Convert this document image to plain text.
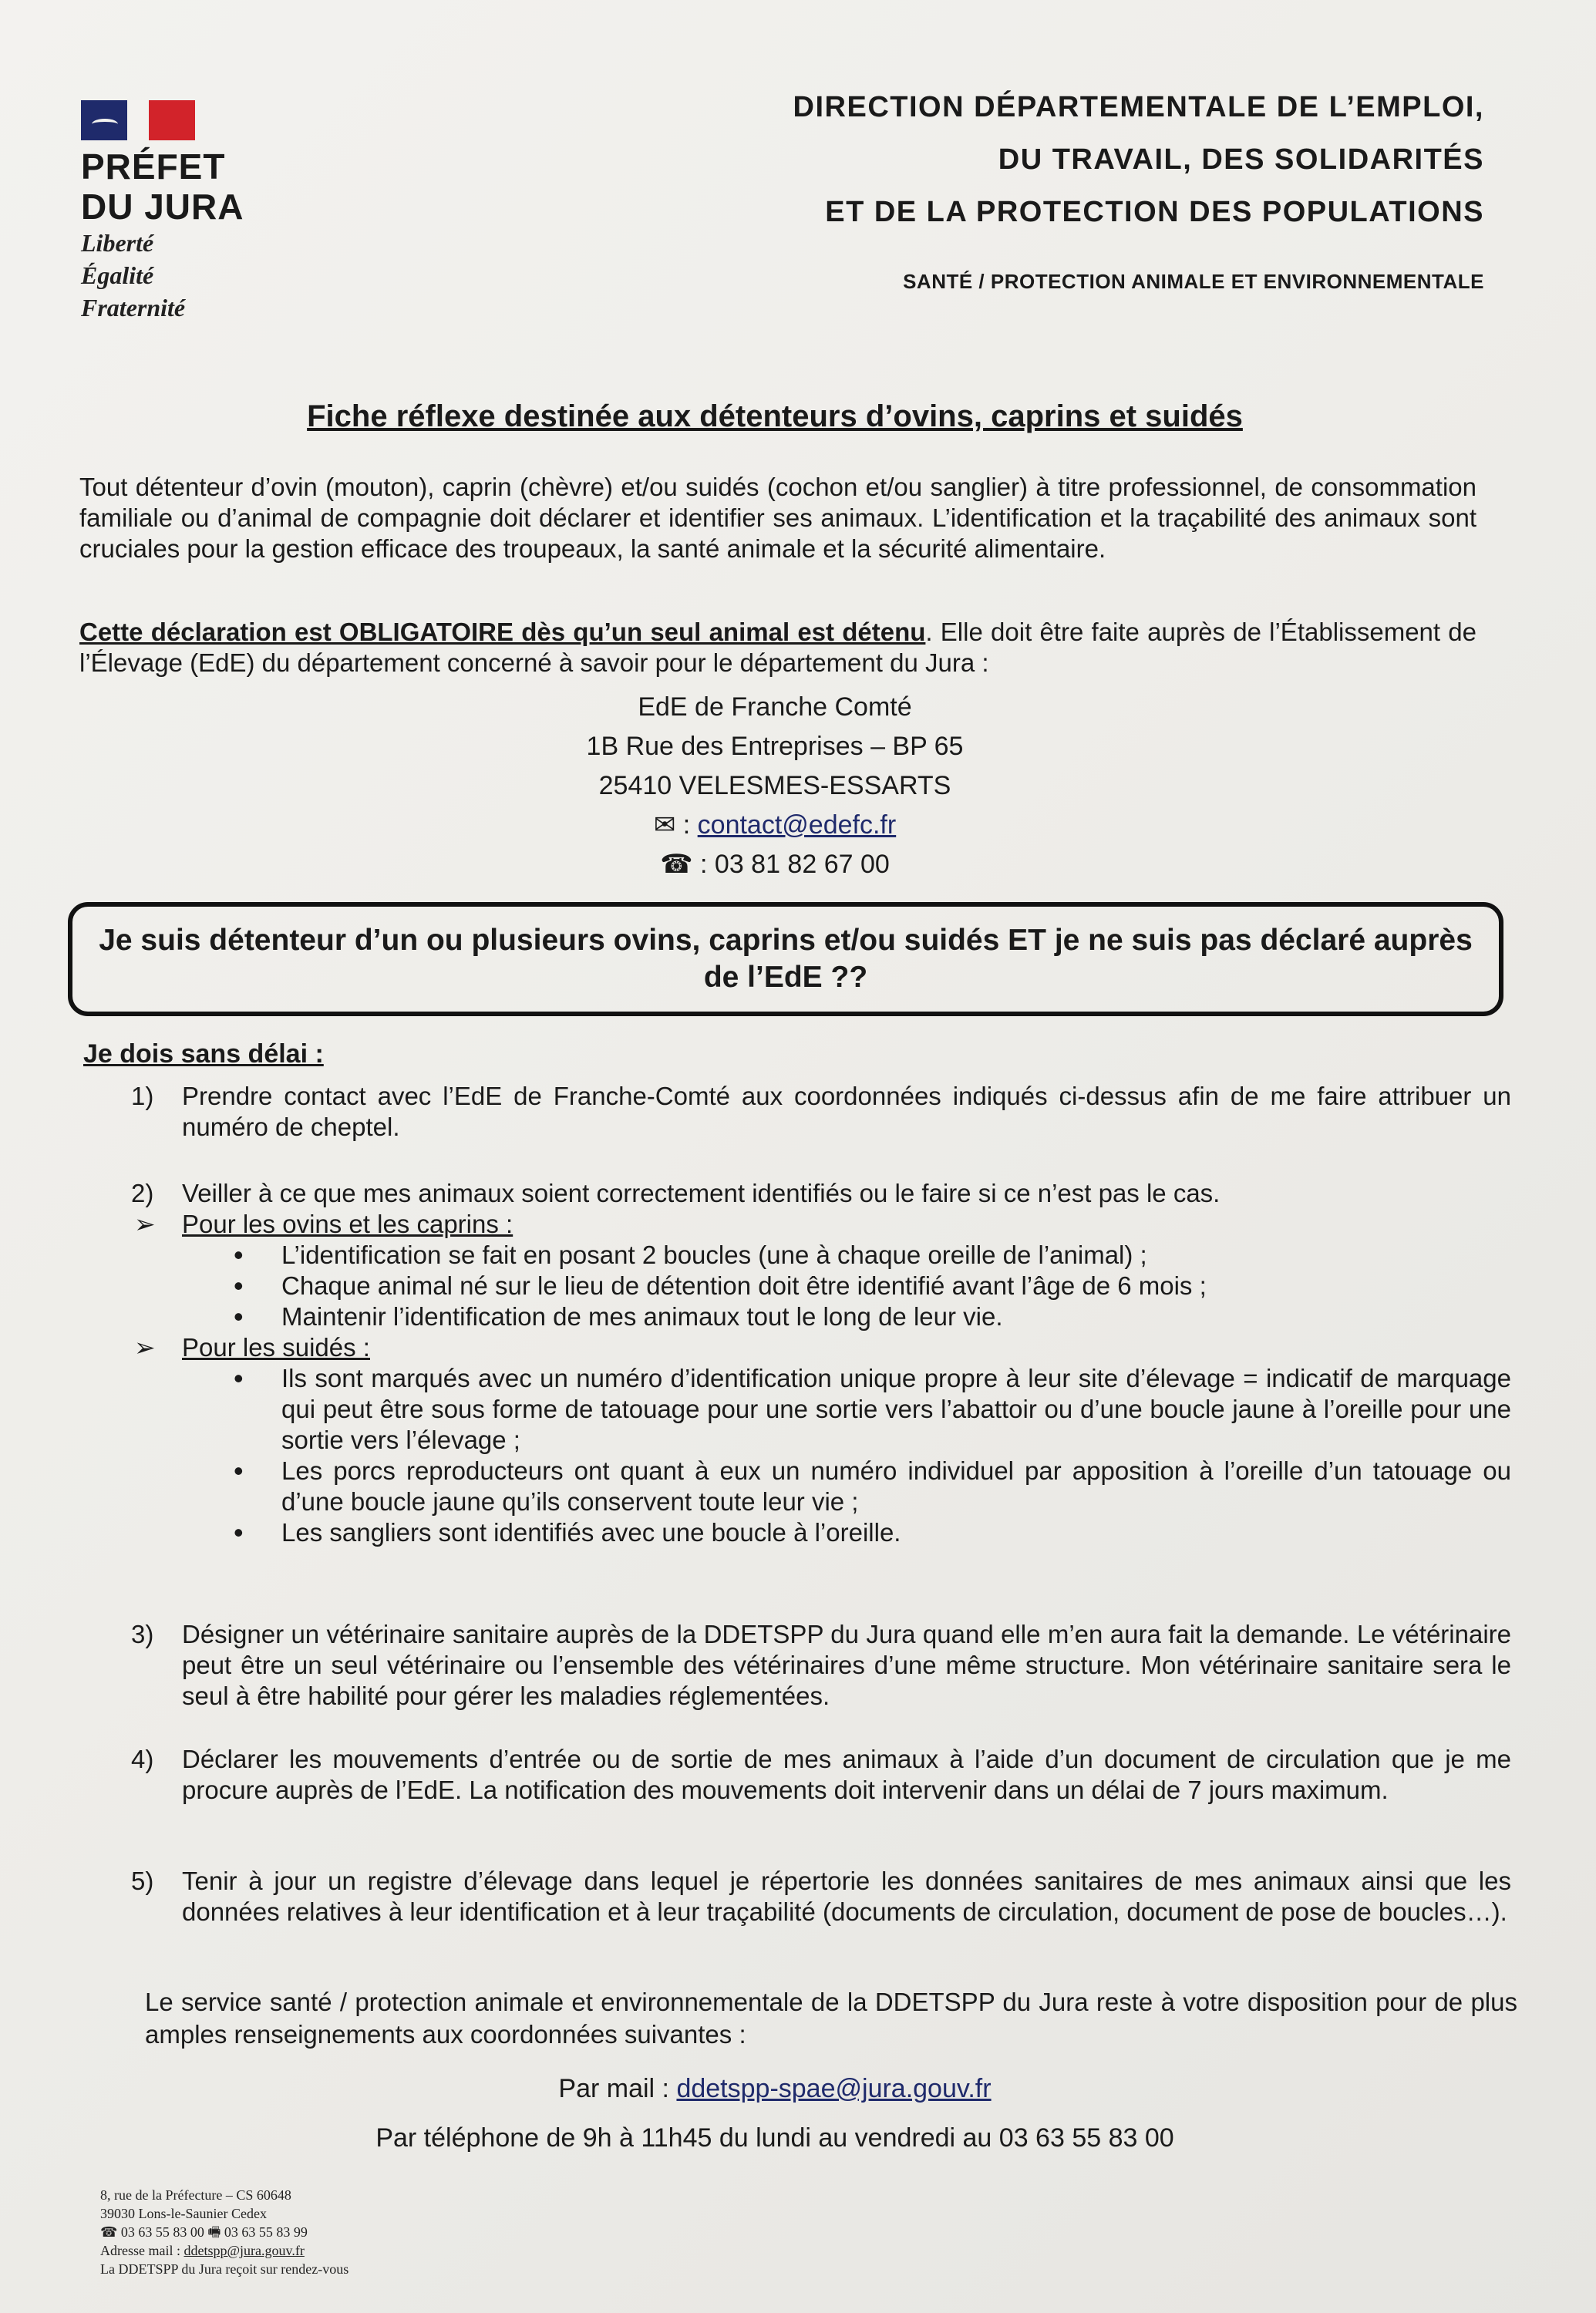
PRÉFET
DU JURA
Liberté
Égalité
Fraternité
DIRECTION DÉPARTEMENTALE DE L’EMPLOI,
DU TRAVAIL, DES SOLIDARITÉS
ET DE LA PROTECTION DES POPULATIONS
SANTÉ / PROTECTION ANIMALE ET ENVIRONNEMENTALE
Fiche réflexe destinée aux détenteurs d’ovins, caprins et suidés
Tout détenteur d’ovin (mouton), caprin (chèvre) et/ou suidés (cochon et/ou sanglier) à titre professionnel, de consommation familiale ou d’animal de compagnie doit déclarer et identifier ses animaux. L’identification et la traçabilité des animaux sont cruciales pour la gestion efficace des troupeaux, la santé animale et la sécurité alimentaire.
Cette déclaration est OBLIGATOIRE dès qu’un seul animal est détenu. Elle doit être faite auprès de l’Établissement de l’Élevage (EdE) du département concerné à savoir pour le département du Jura :
EdE de Franche Comté
1B Rue des Entreprises – BP 65
25410 VELESMES-ESSARTS
✉ : contact@edefc.fr
☎ : 03 81 82 67 00
Je suis détenteur d’un ou plusieurs ovins, caprins et/ou suidés ET je ne suis pas déclaré auprès de l’EdE ??
Je dois sans délai :

1) Prendre contact avec l’EdE de Franche-Comté aux coordonnées indiqués ci-dessus afin de me faire attribuer un numéro de cheptel.

2) Veiller à ce que mes animaux soient correctement identifiés ou le faire si ce n’est pas le cas.

➢ Pour les ovins et les caprins :
• L’identification se fait en posant 2 boucles (une à chaque oreille de l’animal) ;
• Chaque animal né sur le lieu de détention doit être identifié avant l’âge de 6 mois ;
• Maintenir l’identification de mes animaux tout le long de leur vie.
➢ Pour les suidés :
• Ils sont marqués avec un numéro d’identification unique propre à leur site d’élevage = indicatif de marquage qui peut être sous forme de tatouage pour une sortie vers l’abattoir ou d’une boucle jaune à l’oreille pour une sortie vers l’élevage ;
• Les porcs reproducteurs ont quant à eux un numéro individuel par apposition à l’oreille d’un tatouage ou d’une boucle jaune qu’ils conservent toute leur vie ;
• Les sangliers sont identifiés avec une boucle à l’oreille.

3) Désigner un vétérinaire sanitaire auprès de la DDETSPP du Jura quand elle m’en aura fait la demande. Le vétérinaire peut être un seul vétérinaire ou l’ensemble des vétérinaires d’une même structure. Mon vétérinaire sanitaire sera le seul à être habilité pour gérer les maladies réglementées.

4) Déclarer les mouvements d’entrée ou de sortie de mes animaux à l’aide d’un document de circulation que je me procure auprès de l’EdE. La notification des mouvements doit intervenir dans un délai de 7 jours maximum.

5) Tenir à jour un registre d’élevage dans lequel je répertorie les données sanitaires de mes animaux ainsi que les données relatives à leur identification et à leur traçabilité (documents de circulation, document de pose de boucles…).

Le service santé / protection animale et environnementale de la DDETSPP du Jura reste à votre disposition pour de plus amples renseignements aux coordonnées suivantes :
Par mail : ddetspp-spae@jura.gouv.fr
Par téléphone de 9h à 11h45 du lundi au vendredi au 03 63 55 83 00
8, rue de la Préfecture – CS 60648
39030 Lons-le-Saunier Cedex
☎ 03 63 55 83 00 🖷 03 63 55 83 99
Adresse mail : ddetspp@jura.gouv.fr
La DDETSPP du Jura reçoit sur rendez-vous
